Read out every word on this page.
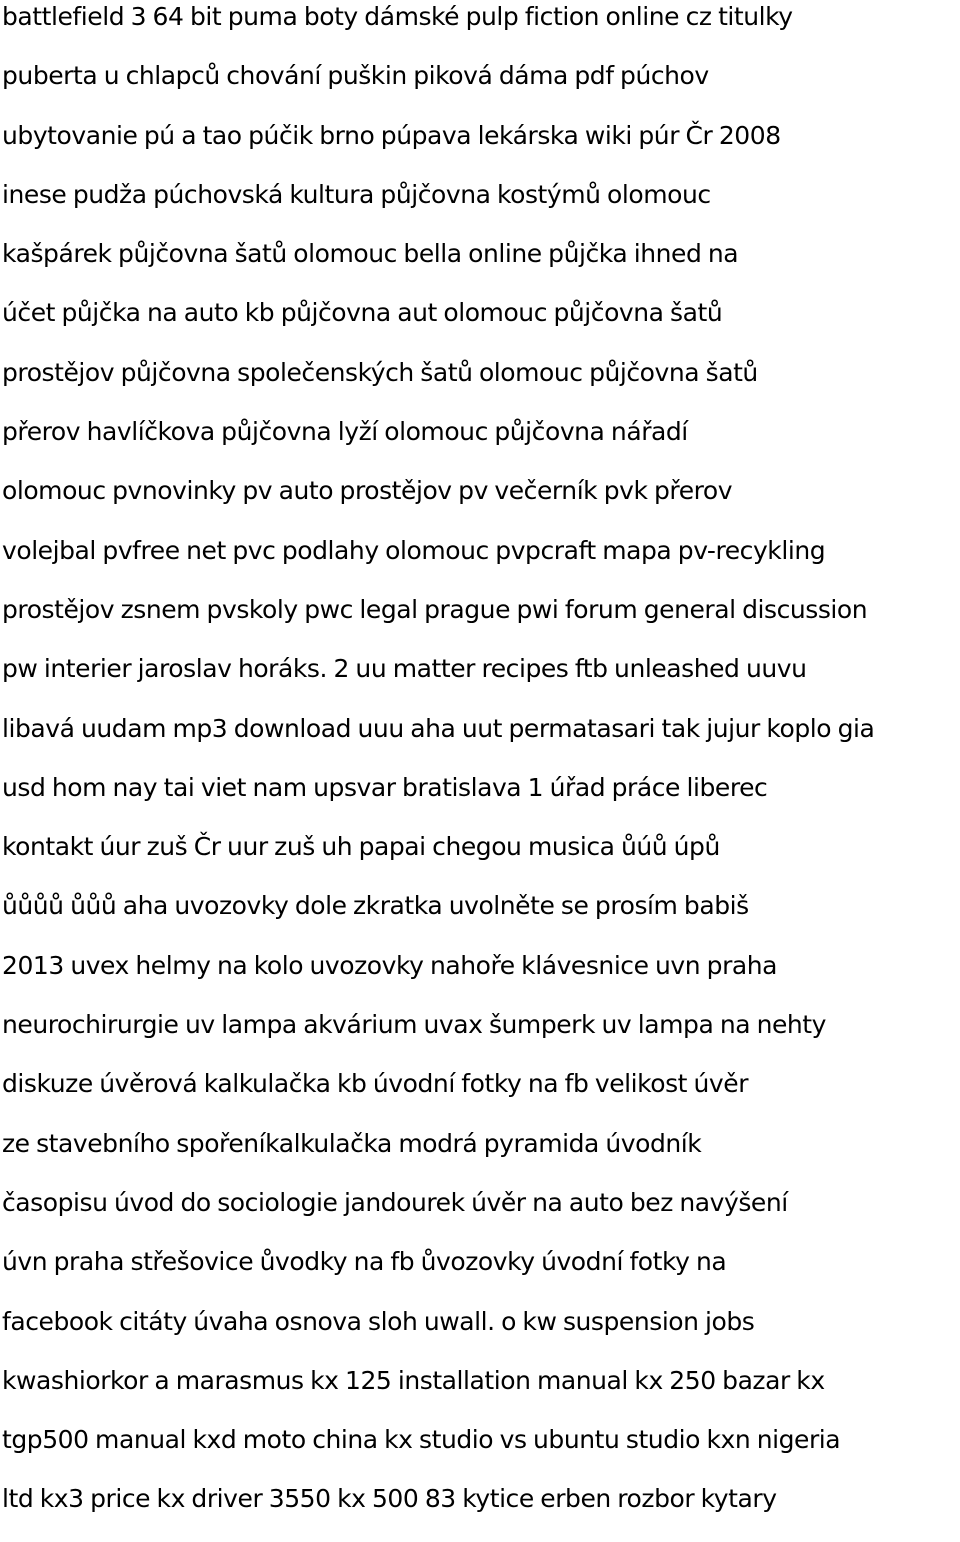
battlefield 3 64 bit puma boty dámské pulp fiction online cz titulky
puberta u chlapců chování puškin piková dáma pdf púchov
ubytovanie pú a tao púčik brno púpava lekárska wiki púr Čr 2008
inese pudža púchovská kultura půjčovna kostýmů olomouc
kašpárek půjčovna šatů olomouc bella online půjčka ihned na
účet půjčka na auto kb půjčovna aut olomouc půjčovna šatů
prostějov půjčovna společenských šatů olomouc půjčovna šatů
přerov havlíčkova půjčovna lyží olomouc půjčovna nářadí
olomouc pvnovinky pv auto prostějov pv večerník pvk přerov
volejbal pvfree net pvc podlahy olomouc pvpcraft mapa pv-recykling
prostějov zsnem pvskoly pwc legal prague pwi forum general discussion
pw interier jaroslav horáks. 2 uu matter recipes ftb unleashed uuvu
libavá uudam mp3 download uuu aha uut permatasari tak jujur koplo gia
usd hom nay tai viet nam upsvar bratislava 1 úřad práce liberec
kontakt úur zuš Čr uur zuš uh papai chegou musica ůúů úpů
ůůůů ůůů aha uvozovky dole zkratka uvolněte se prosím babiš
2013 uvex helmy na kolo uvozovky nahoře klávesnice uvn praha
neurochirurgie uv lampa akvárium uvax šumperk uv lampa na nehty
diskuze úvěrová kalkulačka kb úvodní fotky na fb velikost úvěr
ze stavebního spořeníkalkulačka modrá pyramida úvodník
časopisu úvod do sociologie jandourek úvěr na auto bez navýšení
úvn praha střešovice ůvodky na fb ůvozovky úvodní fotky na
facebook citáty úvaha osnova sloh uwall. o kw suspension jobs
kwashiorkor a marasmus kx 125 installation manual kx 250 bazar kx
tgp500 manual kxd moto china kx studio vs ubuntu studio kxn nigeria
ltd kx3 price kx driver 3550 kx 500 83 kytice erben rozbor kytary
